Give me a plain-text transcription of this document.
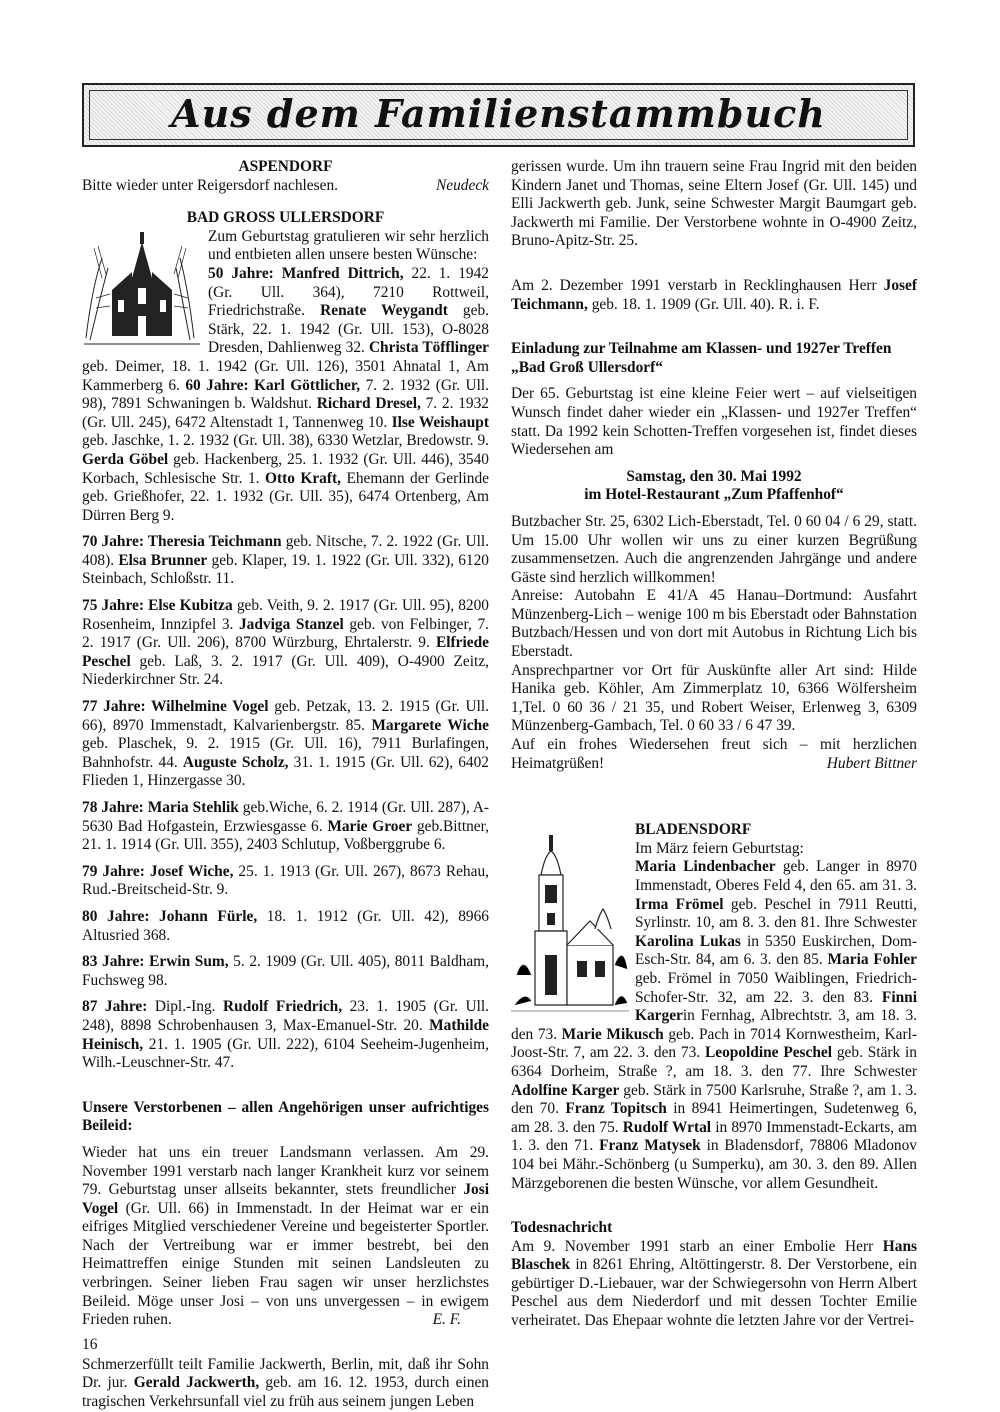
Aus dem Familienstammbuch

ASPENDORF

Bitte wieder unter Reigersdorf nachlesen.	Neudeck

BAD GROSS ULLERSDORF

Zum Geburtstag gratulieren wir sehr herzlich und entbieten allen unsere besten Wünsche:

50 Jahre: Manfred Dittrich, 22. 1. 1942 (Gr. Ull. 364), 7210 Rottweil, Friedrichstraße. Renate Weygandt geb. Stärk, 22. 1. 1942 (Gr. Ull. 153), O-8028 Dresden, Dahlienweg 32. Christa Töfflinger geb. Deimer, 18. 1. 1942 (Gr. Ull. 126), 3501 Ahnatal 1, Am Kammerberg 6. 60 Jahre: Karl Göttlicher, 7. 2. 1932 (Gr. Ull. 98), 7891 Schwaningen b. Waldshut. Richard Dresel, 7. 2. 1932 (Gr. Ull. 245), 6472 Altenstadt 1, Tannenweg 10. Ilse Weishaupt geb. Jaschke, 1. 2. 1932 (Gr. Ull. 38), 6330 Wetzlar, Bredowstr. 9. Gerda Göbel geb. Hackenberg, 25. 1. 1932 (Gr. Ull. 446), 3540 Korbach, Schlesische Str. 1. Otto Kraft, Ehemann der Gerlinde geb. Grießhofer, 22. 1. 1932 (Gr. Ull. 35), 6474 Ortenberg, Am Dürren Berg 9.

70 Jahre: Theresia Teichmann geb. Nitsche, 7. 2. 1922 (Gr. Ull. 408). Elsa Brunner geb. Klaper, 19. 1. 1922 (Gr. Ull. 332), 6120 Steinbach, Schloßstr. 11.

75 Jahre: Else Kubitza geb. Veith, 9. 2. 1917 (Gr. Ull. 95), 8200 Rosenheim, Innzipfel 3. Jadviga Stanzel geb. von Felbinger, 7. 2. 1917 (Gr. Ull. 206), 8700 Würzburg, Ehrtalerstr. 9. Elfriede Peschel geb. Laß, 3. 2. 1917 (Gr. Ull. 409), O-4900 Zeitz, Niederkirchner Str. 24.

77 Jahre: Wilhelmine Vogel geb. Petzak, 13. 2. 1915 (Gr. Ull. 66), 8970 Immenstadt, Kalvarienbergstr. 85. Margarete Wiche geb. Plaschek, 9. 2. 1915 (Gr. Ull. 16), 7911 Burlafingen, Bahnhofstr. 44. Auguste Scholz, 31. 1. 1915 (Gr. Ull. 62), 6402 Flieden 1, Hinzergasse 30.

78 Jahre: Maria Stehlik geb.Wiche, 6. 2. 1914 (Gr. Ull. 287), A-5630 Bad Hofgastein, Erzwiesgasse 6. Marie Groer geb.Bittner, 21. 1. 1914 (Gr. Ull. 355), 2403 Schlutup, Voßberggrube 6.

79 Jahre: Josef Wiche, 25. 1. 1913 (Gr. Ull. 267), 8673 Rehau, Rud.-Breitscheid-Str. 9.

80 Jahre: Johann Fürle, 18. 1. 1912 (Gr. Ull. 42), 8966 Altusried 368.

83 Jahre: Erwin Sum, 5. 2. 1909 (Gr. Ull. 405), 8011 Baldham, Fuchsweg 98.

87 Jahre: Dipl.-Ing. Rudolf Friedrich, 23. 1. 1905 (Gr. Ull. 248), 8898 Schrobenhausen 3, Max-Emanuel-Str. 20. Mathilde Heinisch, 21. 1. 1905 (Gr. Ull. 222), 6104 Seeheim-Jugenheim, Wilh.-Leuschner-Str. 47.

Unsere Verstorbenen – allen Angehörigen unser aufrichtiges Beileid:

Wieder hat uns ein treuer Landsmann verlassen. Am 29. November 1991 verstarb nach langer Krankheit kurz vor seinem 79. Geburtstag unser allseits bekannter, stets freundlicher Josi Vogel (Gr. Ull. 66) in Immenstadt. In der Heimat war er ein eifriges Mitglied verschiedener Vereine und begeisterter Sportler. Nach der Vertreibung war er immer bestrebt, bei den Heimattreffen einige Stunden mit seinen Landsleuten zu verbringen. Seiner lieben Frau sagen wir unser herzlichstes Beileid. Möge unser Josi – von uns unvergessen – in ewigem Frieden ruhen.	E. F.

Schmerzerfüllt teilt Familie Jackwerth, Berlin, mit, daß ihr Sohn Dr. jur. Gerald Jackwerth, geb. am 16. 12. 1953, durch einen tragischen Verkehrsunfall viel zu früh aus seinem jungen Leben

gerissen wurde. Um ihn trauern seine Frau Ingrid mit den beiden Kindern Janet und Thomas, seine Eltern Josef (Gr. Ull. 145) und Elli Jackwerth geb. Junk, seine Schwester Margit Baumgart geb. Jackwerth mi Familie. Der Verstorbene wohnte in O-4900 Zeitz, Bruno-Apitz-Str. 25.

Am 2. Dezember 1991 verstarb in Recklinghausen Herr Josef Teichmann, geb. 18. 1. 1909 (Gr. Ull. 40). R. i. F.

Einladung zur Teilnahme am Klassen- und 1927er Treffen „Bad Groß Ullersdorf“

Der 65. Geburtstag ist eine kleine Feier wert – auf vielseitigen Wunsch findet daher wieder ein „Klassen- und 1927er Treffen“ statt. Da 1992 kein Schotten-Treffen vorgesehen ist, findet dieses Wiedersehen am

Samstag, den 30. Mai 1992

im Hotel-Restaurant „Zum Pfaffenhof“

Butzbacher Str. 25, 6302 Lich-Eberstadt, Tel. 0 60 04 / 6 29, statt. Um 15.00 Uhr wollen wir uns zu einer kurzen Begrüßung zusammensetzen. Auch die angrenzenden Jahrgänge und andere Gäste sind herzlich willkommen!

Anreise: Autobahn E 41/A 45 Hanau–Dortmund: Ausfahrt Münzenberg-Lich – wenige 100 m bis Eberstadt oder Bahnstation Butzbach/Hessen und von dort mit Autobus in Richtung Lich bis Eberstadt.

Ansprechpartner vor Ort für Auskünfte aller Art sind: Hilde Hanika geb. Köhler, Am Zimmerplatz 10, 6366 Wölfersheim 1,Tel. 0 60 36 / 21 35, und Robert Weiser, Erlenweg 3, 6309 Münzenberg-Gambach, Tel. 0 60 33 / 6 47 39.

Auf ein frohes Wiedersehen freut sich – mit herzlichen Heimatgrüßen!	Hubert Bittner

BLADENSDORF

Im März feiern Geburtstag:

Maria Lindenbacher geb. Langer in 8970 Immenstadt, Oberes Feld 4, den 65. am 31. 3. Irma Frömel geb. Peschel in 7911 Reutti, Syrlinstr. 10, am 8. 3. den 81. Ihre Schwester Karolina Lukas in 5350 Euskirchen, Dom-Esch-Str. 84, am 6. 3. den 85. Maria Fohler geb. Frömel in 7050 Waiblingen, Friedrich-Schofer-Str. 32, am 22. 3. den 83. Finni Kargerin Fernhag, Albrechtstr. 3, am 18. 3. den 73. Marie Mikusch geb. Pach in 7014 Kornwestheim, Karl-Joost-Str. 7, am 22. 3. den 73. Leopoldine Peschel geb. Stärk in 6364 Dorheim, Straße ?, am 18. 3. den 77. Ihre Schwester Adolfine Karger geb. Stärk in 7500 Karlsruhe, Straße ?, am 1. 3. den 70. Franz Topitsch in 8941 Heimertingen, Sudetenweg 6, am 28. 3. den 75. Rudolf Wrtal in 8970 Immenstadt-Eckarts, am 1. 3. den 71. Franz Matysek in Bladensdorf, 78806 Mladonov 104 bei Mähr.-Schönberg (u Sumperku), am 30. 3. den 89. Allen Märzgeborenen die besten Wünsche, vor allem Gesundheit.

Todesnachricht

Am 9. November 1991 starb an einer Embolie Herr Hans Blaschek in 8261 Ehring, Altöttingerstr. 8. Der Verstorbene, ein gebürtiger D.-Liebauer, war der Schwiegersohn von Herrn Albert Peschel aus dem Niederdorf und mit dessen Tochter Emilie verheiratet. Das Ehepaar wohnte die letzten Jahre vor der Vertrei-

16
